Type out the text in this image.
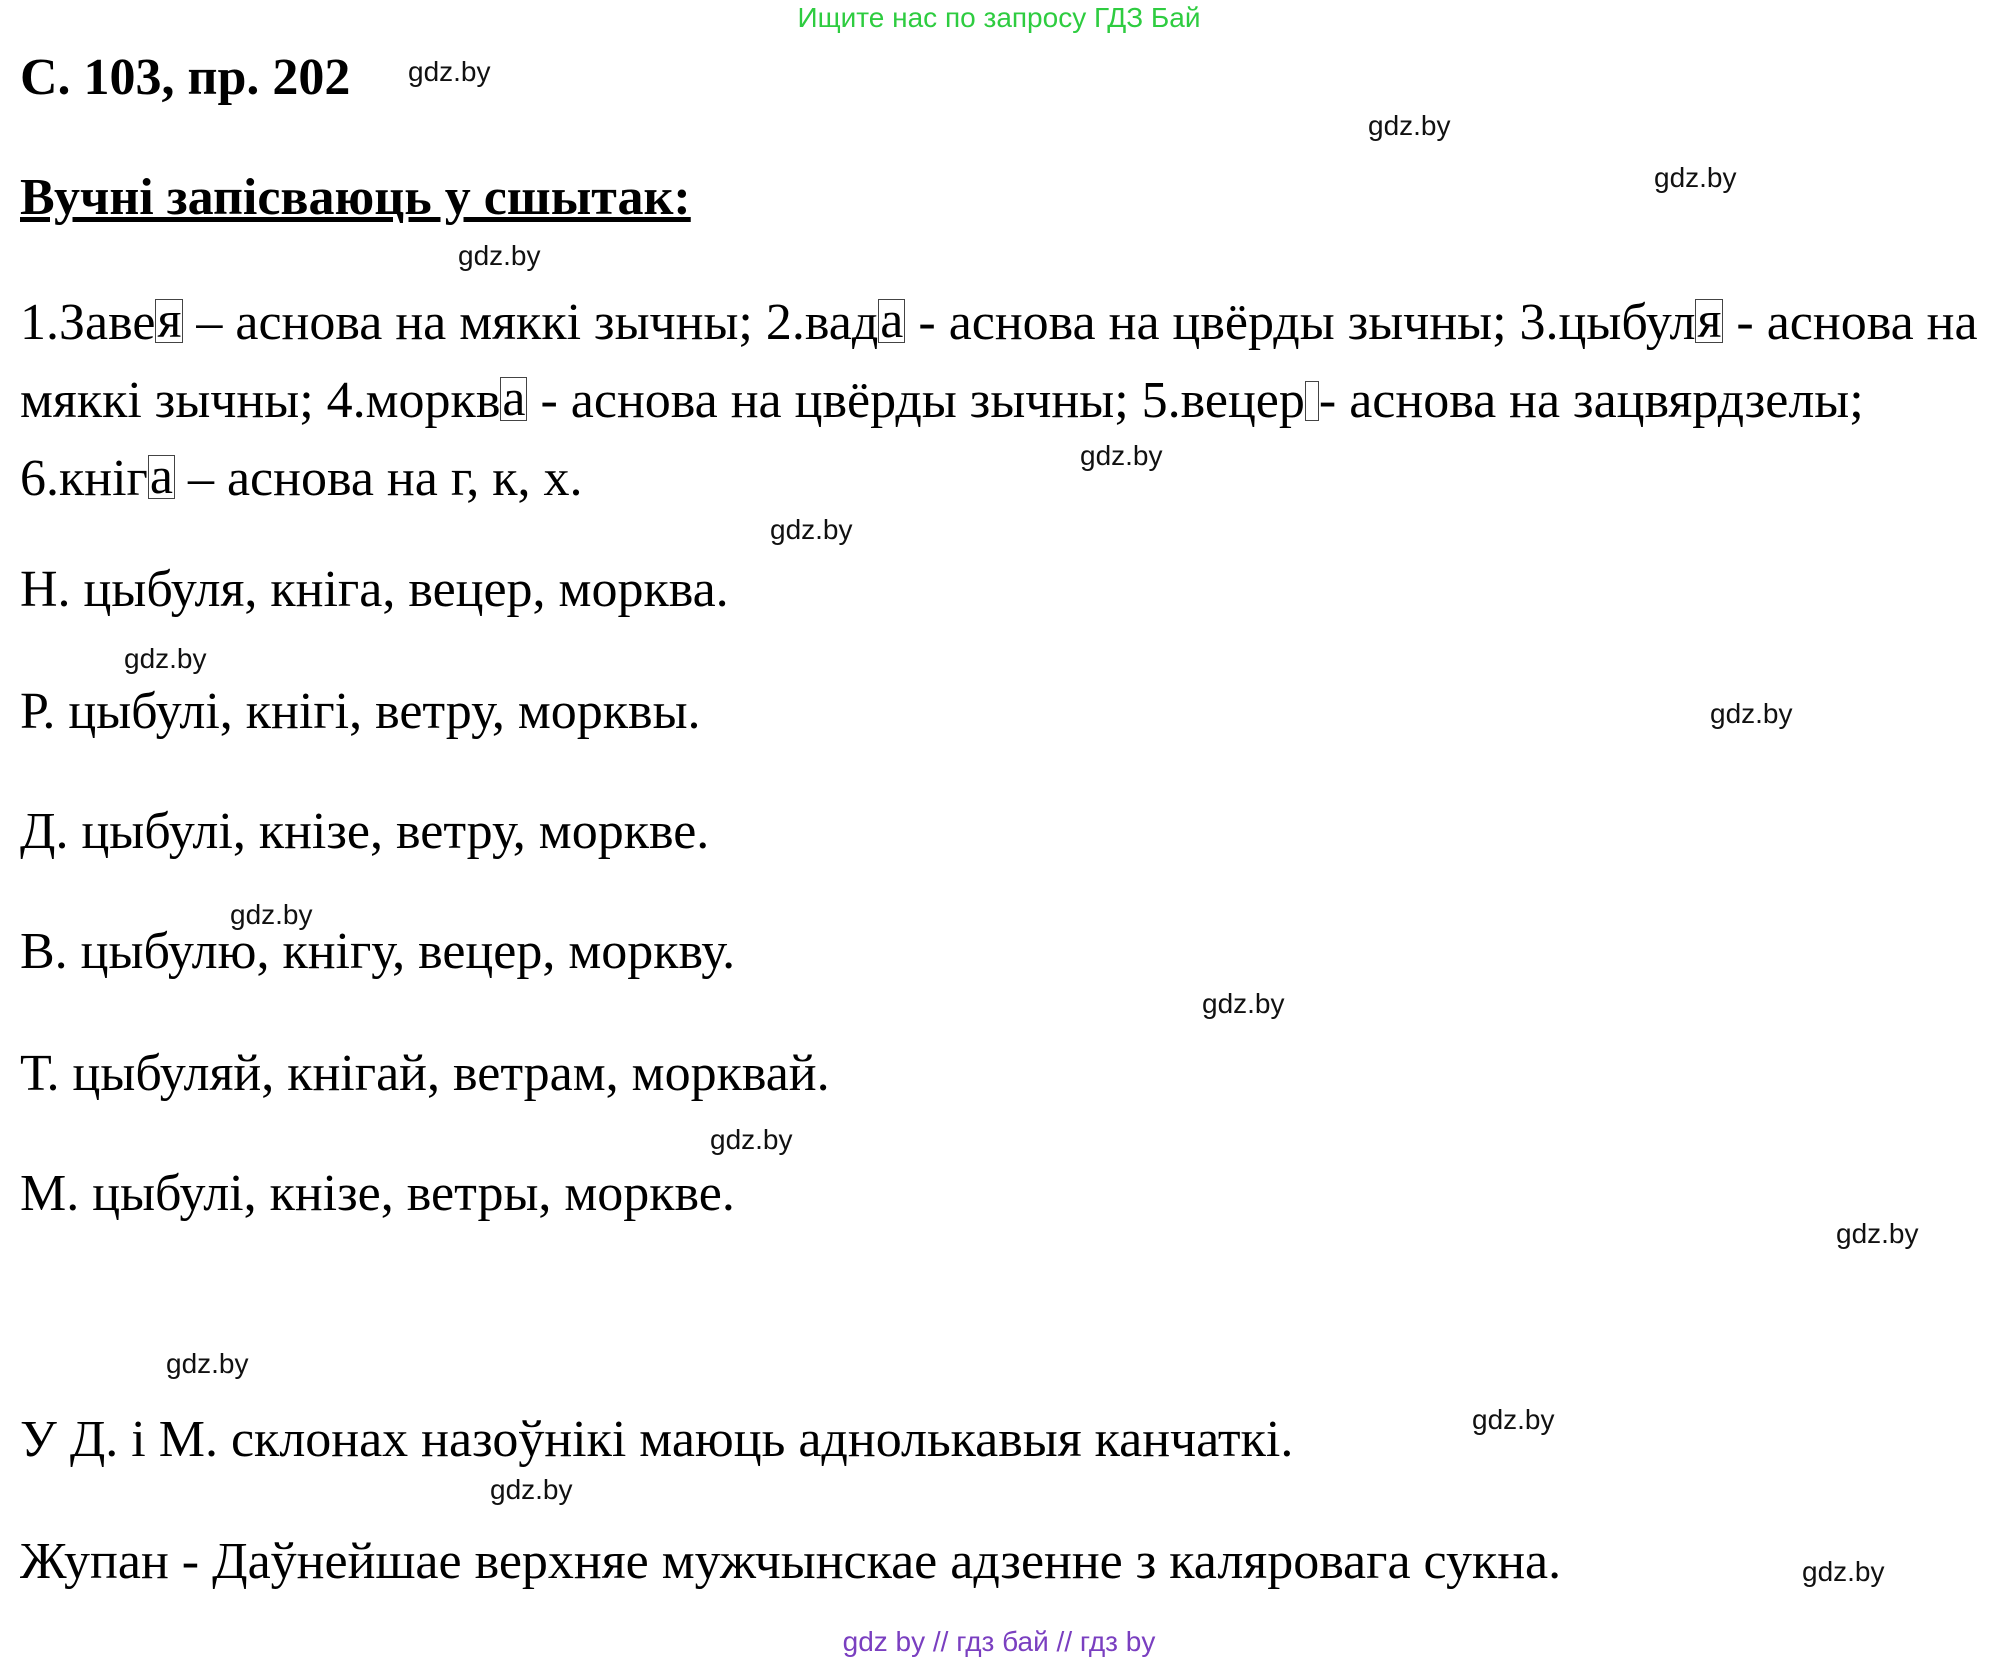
Ищите нас по запросу ГДЗ Бай
С. 103, пр. 202
Вучні запісваюць у сшытак:
1.Завея – аснова на мяккі зычны; 2.вада - аснова на цвёрды зычны; 3.цыбуля - аснова на мяккі зычны; 4.морква - аснова на цвёрды зычны; 5.вецер - аснова на зацвярдзелы; 6.кніга – аснова на г, к, х.
Н. цыбуля, кніга, вецер, морква.
Р. цыбулі, кнігі, ветру, морквы.
Д. цыбулі, кнізе, ветру, моркве.
В. цыбулю, кнігу, вецер, моркву.
Т. цыбуляй, кнігай, ветрам, морквай.
М. цыбулі, кнізе, ветры, моркве.
У Д. і М. склонах назоўнікі маюць аднолькавыя канчаткі.
Жупан - Даўнейшае верхняе мужчынскае адзенне з каляровага сукна.
gdz.by
gdz.by
gdz.by
gdz.by
gdz.by
gdz.by
gdz.by
gdz.by
gdz.by
gdz.by
gdz.by
gdz.by
gdz.by
gdz.by
gdz.by
gdz.by
gdz by // гдз бай // гдз by
